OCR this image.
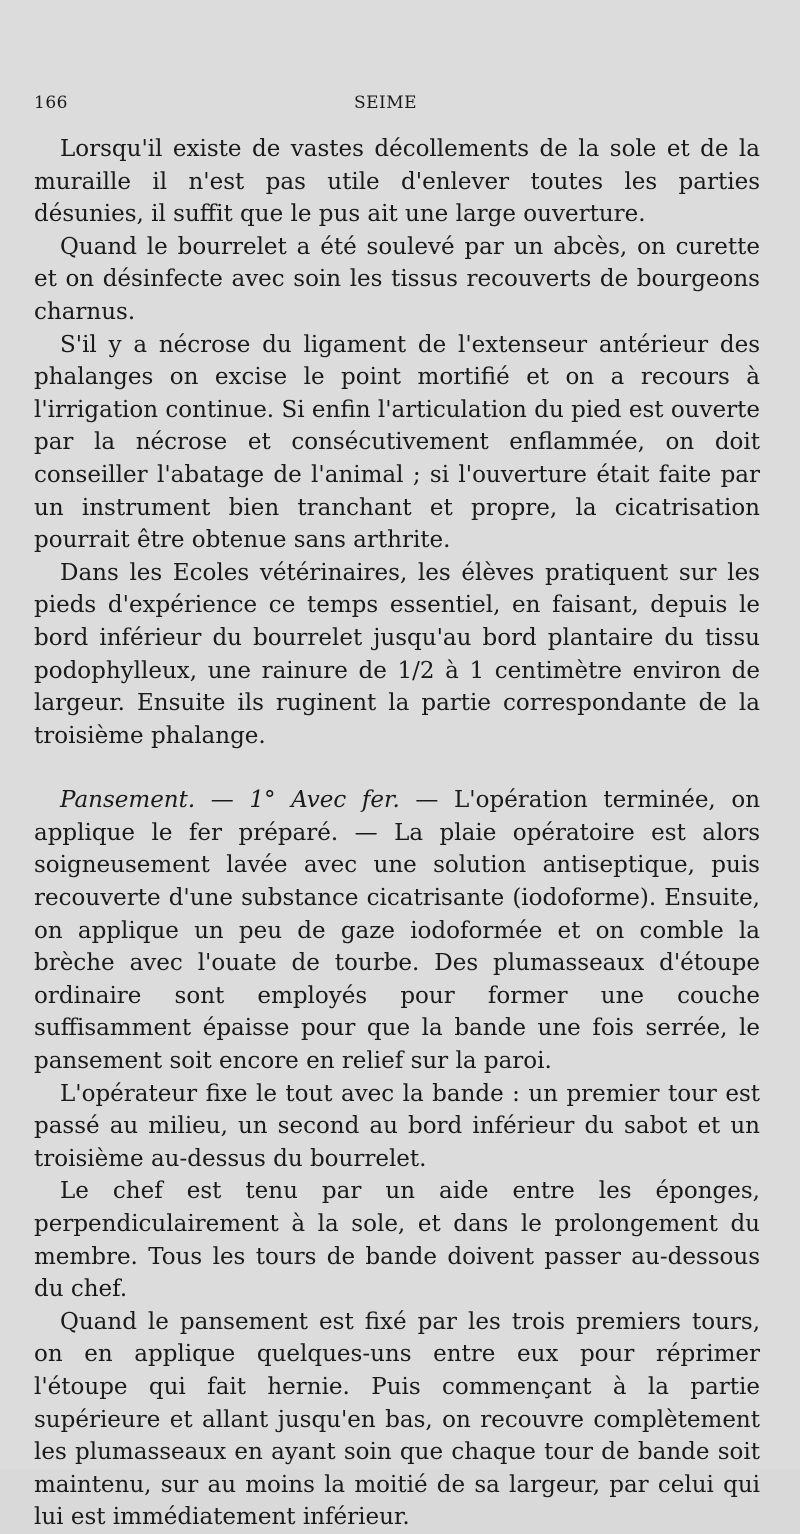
166	SEIME

Lorsqu'il existe de vastes décollements de la sole et de la muraille il n'est pas utile d'enlever toutes les parties désunies, il suffit que le pus ait une large ouverture.

Quand le bourrelet a été soulevé par un abcès, on curette et on désinfecte avec soin les tissus recouverts de bourgeons charnus.

S'il y a nécrose du ligament de l'extenseur antérieur des phalanges on excise le point mortifié et on a recours à l'irrigation continue. Si enfin l'articulation du pied est ouverte par la nécrose et consécutivement enflammée, on doit conseiller l'abatage de l'animal ; si l'ouverture était faite par un instrument bien tranchant et propre, la cicatrisation pourrait être obtenue sans arthrite.

Dans les Ecoles vétérinaires, les élèves pratiquent sur les pieds d'expérience ce temps essentiel, en faisant, depuis le bord inférieur du bourrelet jusqu'au bord plantaire du tissu podophylleux, une rainure de 1/2 à 1 centimètre environ de largeur. Ensuite ils ruginent la partie correspondante de la troisième phalange.

Pansement. — 1° Avec fer. — L'opération terminée, on applique le fer préparé. — La plaie opératoire est alors soigneusement lavée avec une solution antiseptique, puis recouverte d'une substance cicatrisante (iodoforme). Ensuite, on applique un peu de gaze iodoformée et on comble la brèche avec l'ouate de tourbe. Des plumasseaux d'étoupe ordinaire sont employés pour former une couche suffisamment épaisse pour que la bande une fois serrée, le pansement soit encore en relief sur la paroi.

L'opérateur fixe le tout avec la bande : un premier tour est passé au milieu, un second au bord inférieur du sabot et un troisième au-dessus du bourrelet.

Le chef est tenu par un aide entre les éponges, perpendiculairement à la sole, et dans le prolongement du membre. Tous les tours de bande doivent passer au-dessous du chef.

Quand le pansement est fixé par les trois premiers tours, on en applique quelques-uns entre eux pour réprimer l'étoupe qui fait hernie. Puis commençant à la partie supérieure et allant jusqu'en bas, on recouvre complètement les plumasseaux en ayant soin que chaque tour de bande soit maintenu, sur au moins la moitié de sa largeur, par celui qui lui est immédiatement inférieur.
